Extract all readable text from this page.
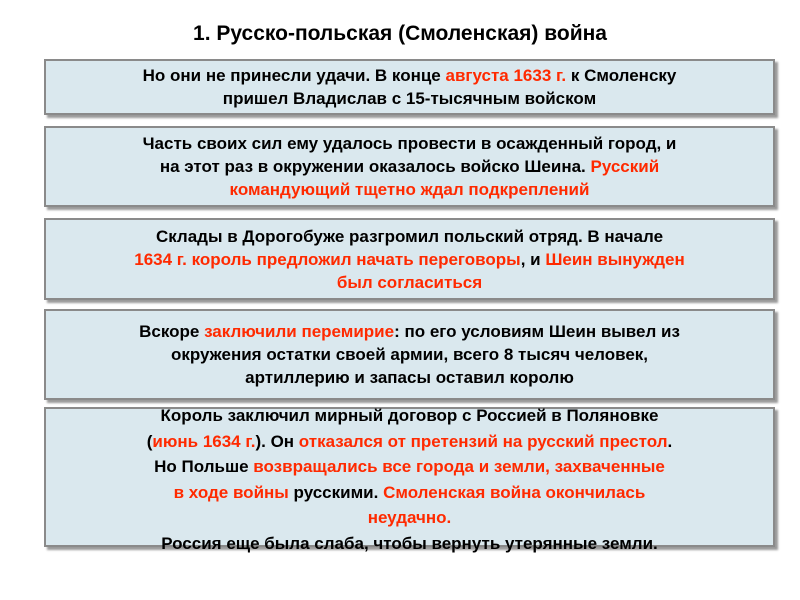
1. Русско-польская (Смоленская) война

Но они не принесли удачи. В конце августа 1633 г. к Смоленску
пришел Владислав с 15-тысячным войском

Часть своих сил ему удалось провести в осажденный город, и
на этот раз в окружении оказалось войско Шеина. Русский
командующий тщетно ждал подкреплений

Склады в Дорогобуже разгромил польский отряд. В начале
1634 г. король предложил начать переговоры, и Шеин вынужден
был согласиться

Вскоре заключили перемирие: по его условиям Шеин вывел из
окружения остатки своей армии, всего 8 тысяч человек,
артиллерию и запасы оставил королю

Король заключил мирный договор с Россией в Поляновке
(июнь 1634 г.). Он отказался от претензий на русский престол.
Но Польше возвращались все города и земли, захваченные
в ходе войны русскими. Смоленская война окончилась
неудачно.
Россия еще была слаба, чтобы вернуть утерянные земли.
